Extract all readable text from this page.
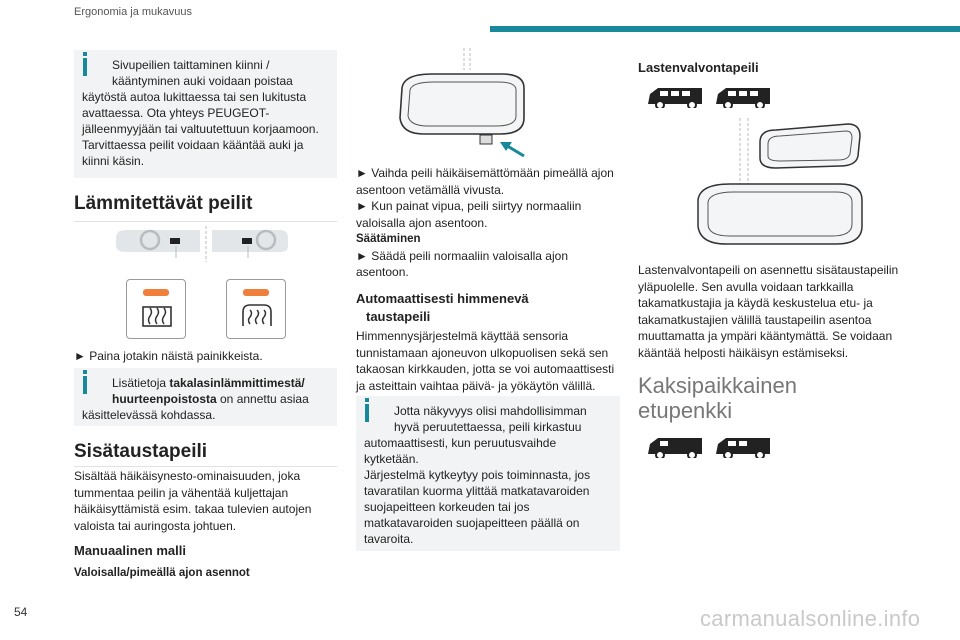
Ergonomia ja mukavuus
Sivupeilien taittaminen kiinni /
kääntyminen auki voidaan poistaa
käytöstä autoa lukittaessa tai sen lukitusta
avattaessa. Ota yhteys PEUGEOT-
jälleenmyyjään tai valtuutettuun korjaamoon.
Tarvittaessa peilit voidaan kääntää auki ja
kiinni käsin.
Lämmitettävät peilit

► Paina jotakin näistä painikkeista.

Lisätietoja takalasinlämmittimestä/
huurteenpoistosta on annettu asiaa
käsittelevässä kohdassa.
Sisätaustapeili

Sisältää häikäisynesto-ominaisuuden, joka

tummentaa peilin ja vähentää kuljettajan

häikäisyttämistä esim. takaa tulevien autojen

valoista tai auringosta johtuen.

Manuaalinen malli

Valoisalla/pimeällä ajon asennot

► Vaihda peili häikäisemättömään pimeällä ajon

asentoon vetämällä vivusta.

► Kun painat vipua, peili siirtyy normaaliin

valoisalla ajon asentoon.

Säätäminen

► Säädä peili normaaliin valoisalla ajon

asentoon.

Automaattisesti himmenevä
taustapeili

Himmennysjärjestelmä käyttää sensoria

tunnistamaan ajoneuvon ulkopuolisen sekä sen

takaosan kirkkauden, jotta se voi automaattisesti

ja asteittain vaihtaa päivä- ja yökäytön välillä.

Jotta näkyvyys olisi mahdollisimman
hyvä peruutettaessa, peili kirkastuu
automaattisesti, kun peruutusvaihde
kytketään.
Järjestelmä kytkeytyy pois toiminnasta, jos
tavaratilan kuorma ylittää matkatavaroiden
suojapeitteen korkeuden tai jos
matkatavaroiden suojapeitteen päällä on
tavaroita.
Lastenvalvontapeili

Lastenvalvontapeili on asennettu sisätaustapeilin

yläpuolelle. Sen avulla voidaan tarkkailla

takamatkustajia ja käydä keskustelua etu- ja

takamatkustajien välillä taustapeilin asentoa

muuttamatta ja ympäri kääntymättä. Se voidaan

kääntää helposti häikäisyn estämiseksi.

Kaksipaikkainen
etupenkki
54	carmanualsonline.info
